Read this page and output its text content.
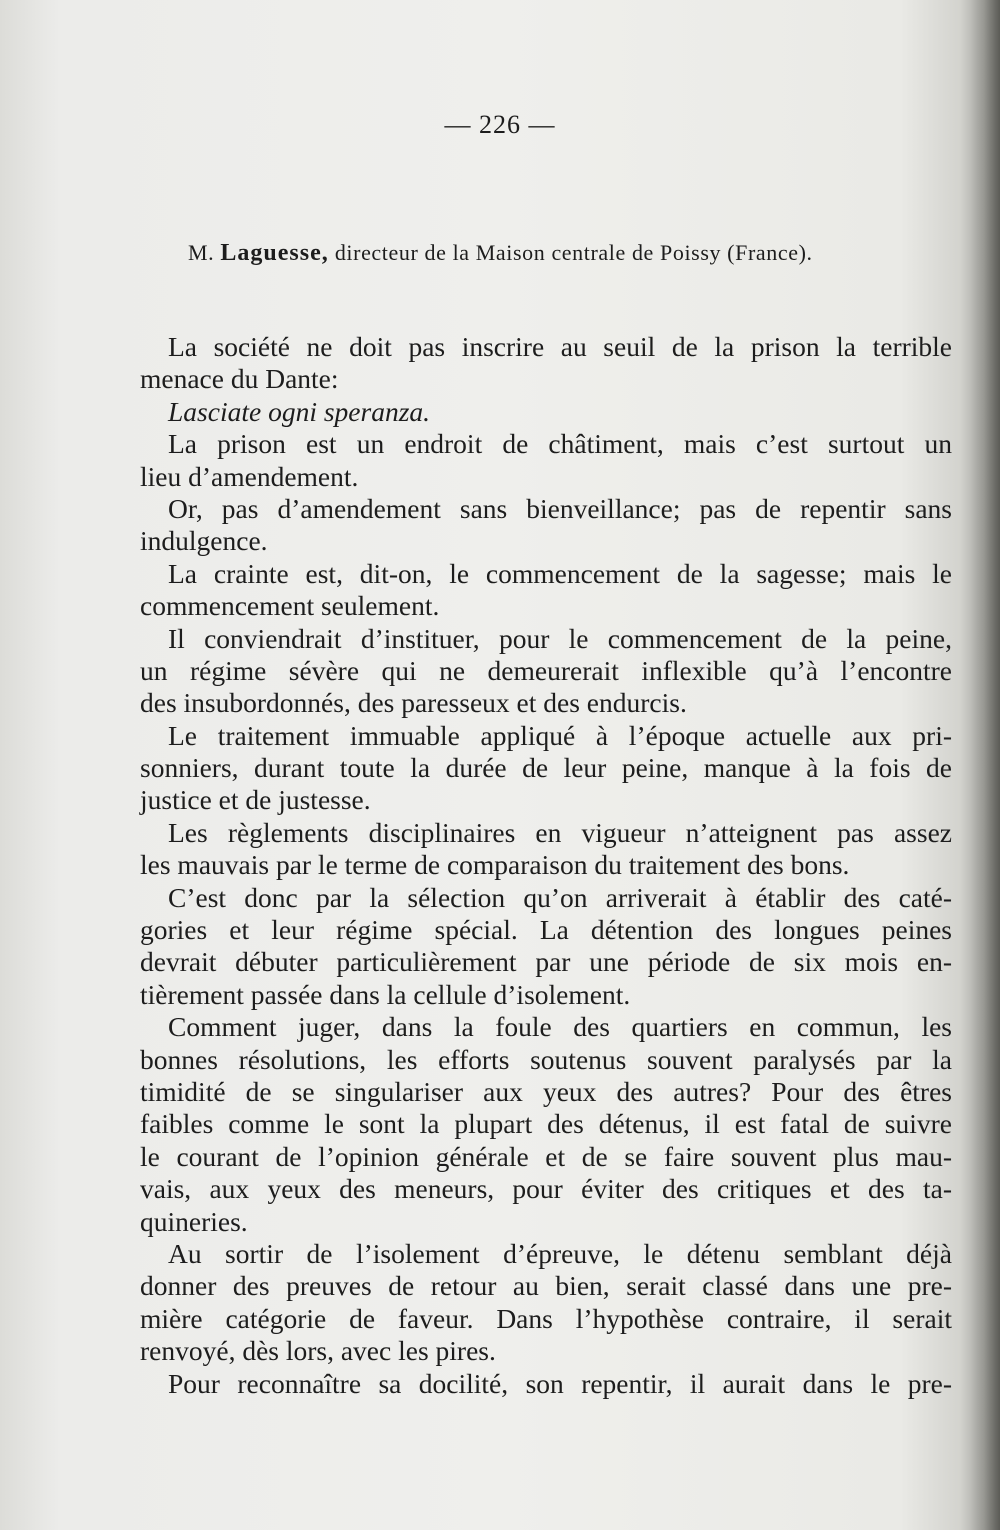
— 226 —
M. Laguesse, directeur de la Maison centrale de Poissy (France).
La société ne doit pas inscrire au seuil de la prison la terrible
menace du Dante:
Lasciate ogni speranza.
La prison est un endroit de châtiment, mais c’est surtout un
lieu d’amendement.
Or, pas d’amendement sans bienveillance; pas de repentir sans
indulgence.
La crainte est, dit-on, le commencement de la sagesse; mais le
commencement seulement.
Il conviendrait d’instituer, pour le commencement de la peine,
un régime sévère qui ne demeurerait inflexible qu’à l’encontre
des insubordonnés, des paresseux et des endurcis.
Le traitement immuable appliqué à l’époque actuelle aux pri-
sonniers, durant toute la durée de leur peine, manque à la fois de
justice et de justesse.
Les règlements disciplinaires en vigueur n’atteignent pas assez
les mauvais par le terme de comparaison du traitement des bons.
C’est donc par la sélection qu’on arriverait à établir des caté-
gories et leur régime spécial. La détention des longues peines
devrait débuter particulièrement par une période de six mois en-
tièrement passée dans la cellule d’isolement.
Comment juger, dans la foule des quartiers en commun, les
bonnes résolutions, les efforts soutenus souvent paralysés par la
timidité de se singulariser aux yeux des autres? Pour des êtres
faibles comme le sont la plupart des détenus, il est fatal de suivre
le courant de l’opinion générale et de se faire souvent plus mau-
vais, aux yeux des meneurs, pour éviter des critiques et des ta-
quineries.
Au sortir de l’isolement d’épreuve, le détenu semblant déjà
donner des preuves de retour au bien, serait classé dans une pre-
mière catégorie de faveur. Dans l’hypothèse contraire, il serait
renvoyé, dès lors, avec les pires.
Pour reconnaître sa docilité, son repentir, il aurait dans le pre-
